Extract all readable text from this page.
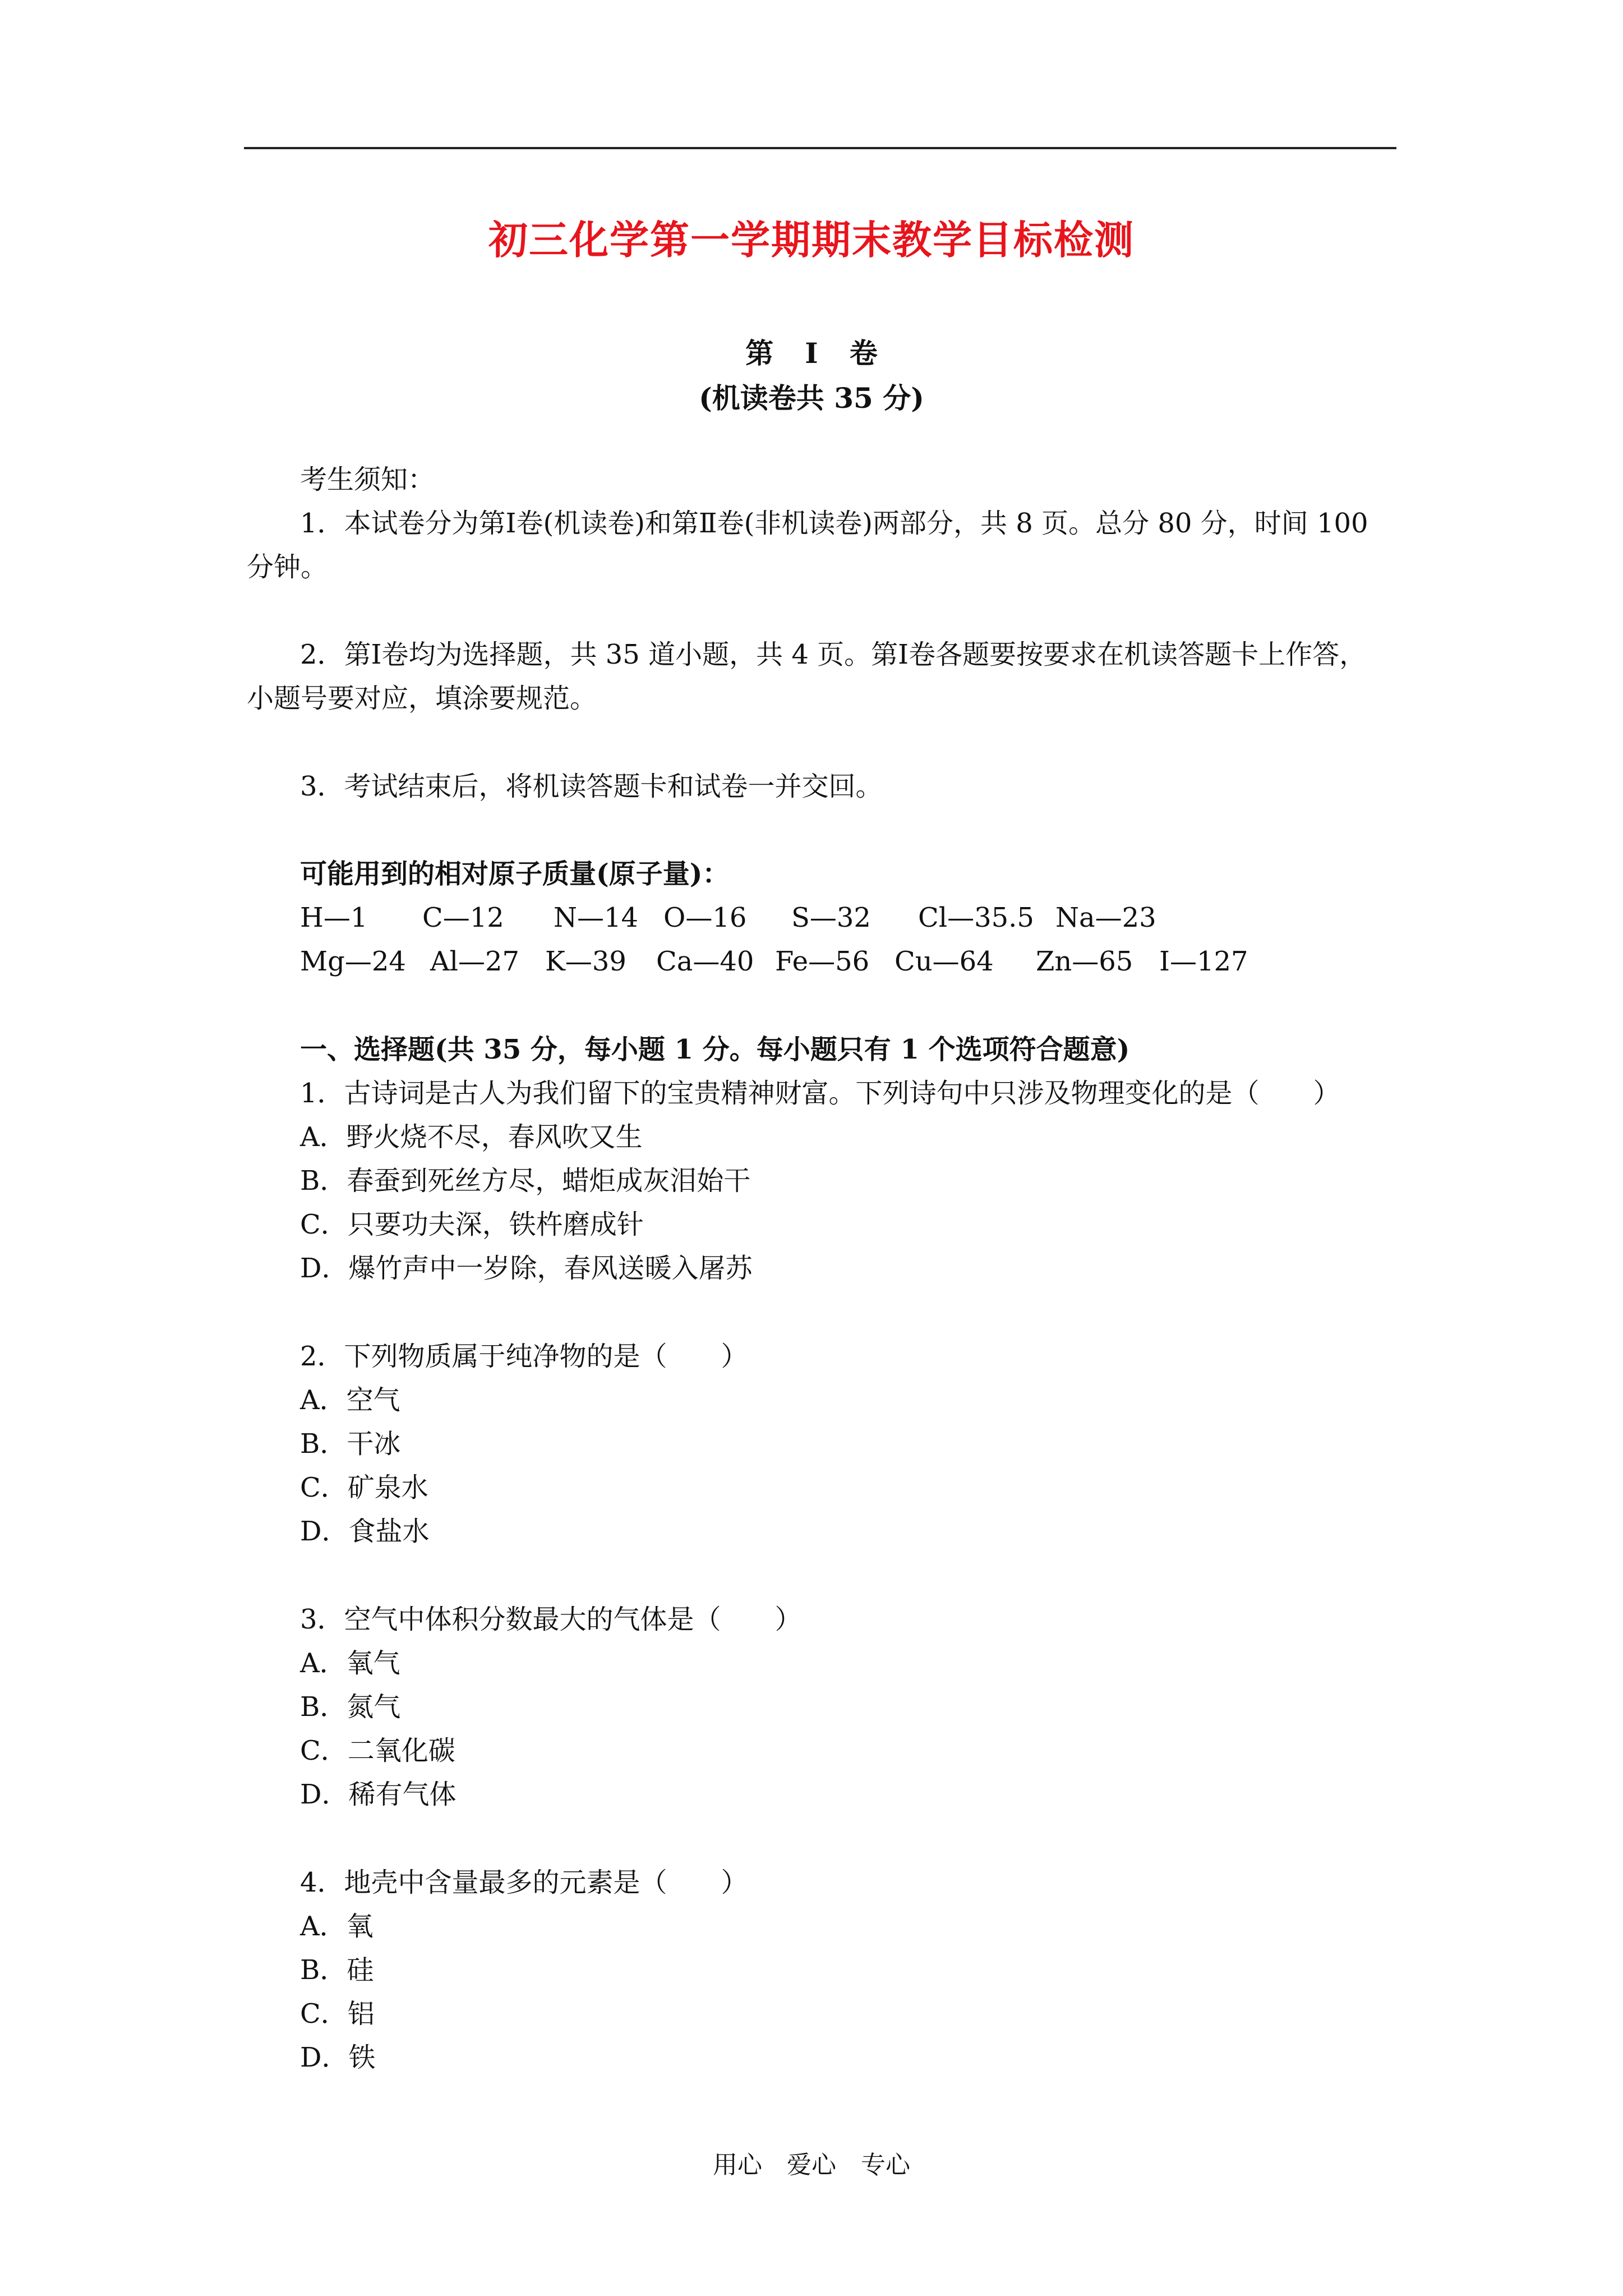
初三化学第一学期期末教学目标检测
第 Ⅰ 卷
(机读卷共 35 分)
考生须知：
1．本试卷分为第Ⅰ卷(机读卷)和第Ⅱ卷(非机读卷)两部分，共 8 页。总分 80 分，时间 100
分钟。
2．第Ⅰ卷均为选择题，共 35 道小题，共 4 页。第Ⅰ卷各题要按要求在机读答题卡上作答，
小题号要对应，填涂要规范。
3．考试结束后，将机读答题卡和试卷一并交回。
可能用到的相对原子质量(原子量)：
H—1 C—12 N—14 O—16 S—32 Cl—35.5 Na—23
Mg—24 Al—27 K—39 Ca—40 Fe—56 Cu—64 Zn—65 I—127
一、选择题(共 35 分，每小题 1 分。每小题只有 1 个选项符合题意)
1．古诗词是古人为我们留下的宝贵精神财富。下列诗句中只涉及物理变化的是（　　）
A．野火烧不尽，春风吹又生
B．春蚕到死丝方尽，蜡炬成灰泪始干
C．只要功夫深，铁杵磨成针
D．爆竹声中一岁除，春风送暖入屠苏
2．下列物质属于纯净物的是（　　）
A．空气
B．干冰
C．矿泉水
D．食盐水
3．空气中体积分数最大的气体是（　　）
A．氧气
B．氮气
C．二氧化碳
D．稀有气体
4．地壳中含量最多的元素是（　　）
A．氧
B．硅
C．铝
D．铁
用心 爱心 专心
